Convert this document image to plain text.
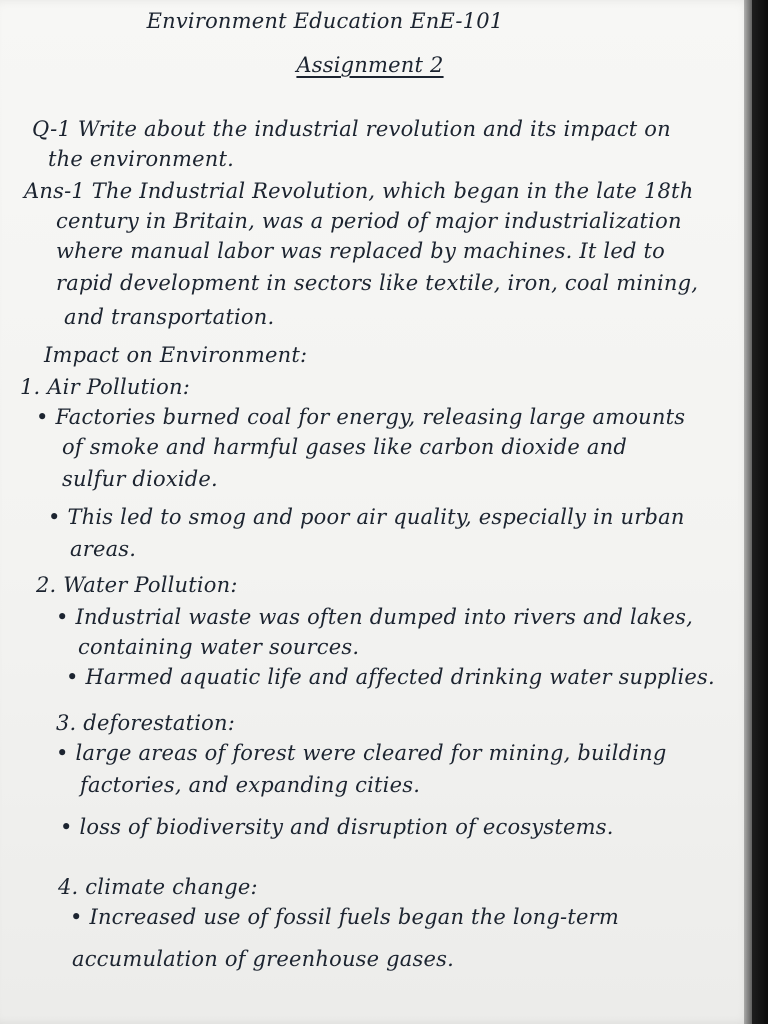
Environment Education EnE-101

Assignment 2

Q-1 Write about the industrial revolution and its impact on

the environment.

Ans-1 The Industrial Revolution, which began in the late 18th

century in Britain, was a period of major industrialization

where manual labor was replaced by machines. It led to

rapid development in sectors like textile, iron, coal mining,

and transportation.

Impact on Environment:

1. Air Pollution:

• Factories burned coal for energy, releasing large amounts

of smoke and harmful gases like carbon dioxide and

sulfur dioxide.

• This led to smog and poor air quality, especially in urban

areas.

2. Water Pollution:

• Industrial waste was often dumped into rivers and lakes,

containing water sources.

• Harmed aquatic life and affected drinking water supplies.

3. deforestation:

• large areas of forest were cleared for mining, building

factories, and expanding cities.

• loss of biodiversity and disruption of ecosystems.

4. climate change:

• Increased use of fossil fuels began the long-term

accumulation of greenhouse gases.
